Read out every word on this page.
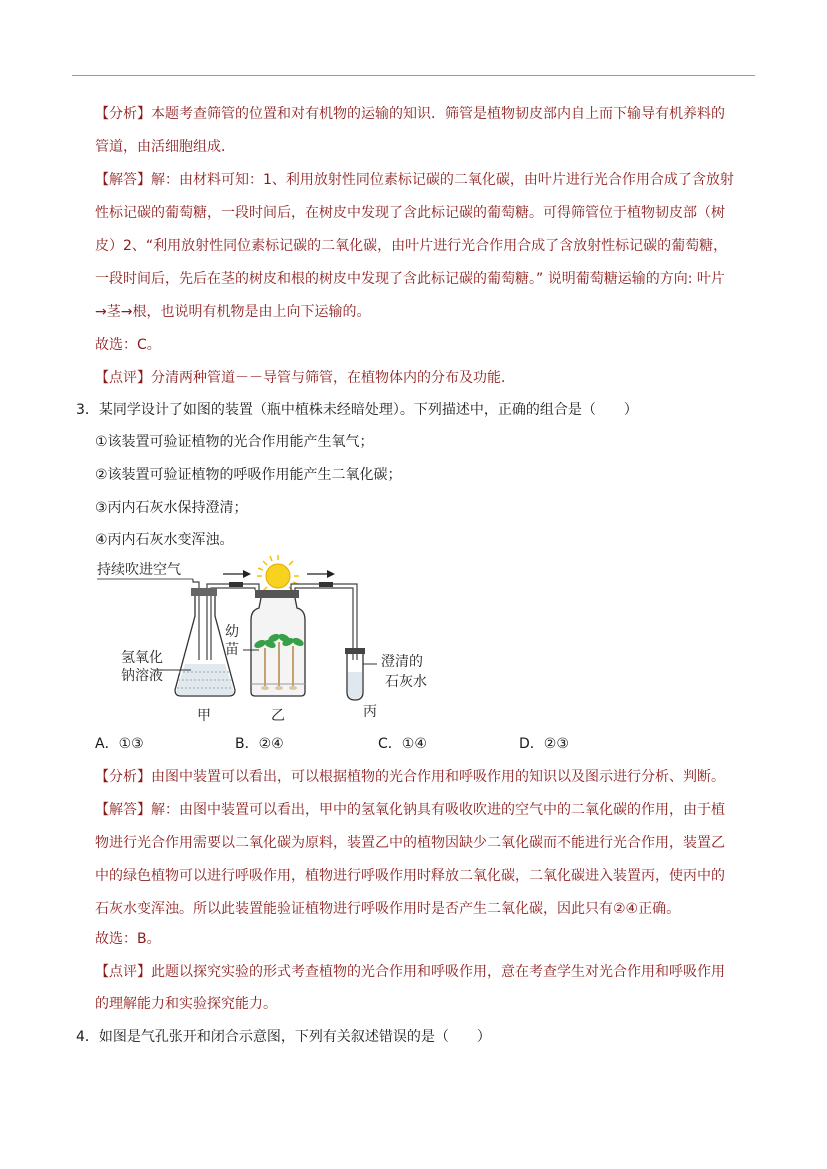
【分析】本题考查筛管的位置和对有机物的运输的知识．筛管是植物韧皮部内自上而下输导有机养料的
管道，由活细胞组成．
【解答】解：由材料可知：1、利用放射性同位素标记碳的二氧化碳，由叶片进行光合作用合成了含放射
性标记碳的葡萄糖，一段时间后，在树皮中发现了含此标记碳的葡萄糖。可得筛管位于植物韧皮部（树
皮）2、“利用放射性同位素标记碳的二氧化碳，由叶片进行光合作用合成了含放射性标记碳的葡萄糖，
一段时间后，先后在茎的树皮和根的树皮中发现了含此标记碳的葡萄糖。” 说明葡萄糖运输的方向: 叶片
→茎→根，也说明有机物是由上向下运输的。
故选：C。
【点评】分清两种管道－－导管与筛管，在植物体内的分布及功能．
3．某同学设计了如图的装置（瓶中植株未经暗处理）。下列描述中，正确的组合是（　　）
①该装置可验证植物的光合作用能产生氧气；
②该装置可验证植物的呼吸作用能产生二氧化碳；
③丙内石灰水保持澄清；
④丙内石灰水变浑浊。
持续吹进空气
氢氧化
钠溶液
甲
幼
苗
乙
澄清的
石灰水
丙
A．①③	B．②④	C．①④	D．②③
【分析】由图中装置可以看出，可以根据植物的光合作用和呼吸作用的知识以及图示进行分析、判断。
【解答】解：由图中装置可以看出，甲中的氢氧化钠具有吸收吹进的空气中的二氧化碳的作用，由于植
物进行光合作用需要以二氧化碳为原料，装置乙中的植物因缺少二氧化碳而不能进行光合作用，装置乙
中的绿色植物可以进行呼吸作用，植物进行呼吸作用时释放二氧化碳，二氧化碳进入装置丙，使丙中的
石灰水变浑浊。所以此装置能验证植物进行呼吸作用时是否产生二氧化碳，因此只有②④正确。
故选：B。
【点评】此题以探究实验的形式考查植物的光合作用和呼吸作用，意在考查学生对光合作用和呼吸作用
的理解能力和实验探究能力。
4．如图是气孔张开和闭合示意图，下列有关叙述错误的是（　　）
